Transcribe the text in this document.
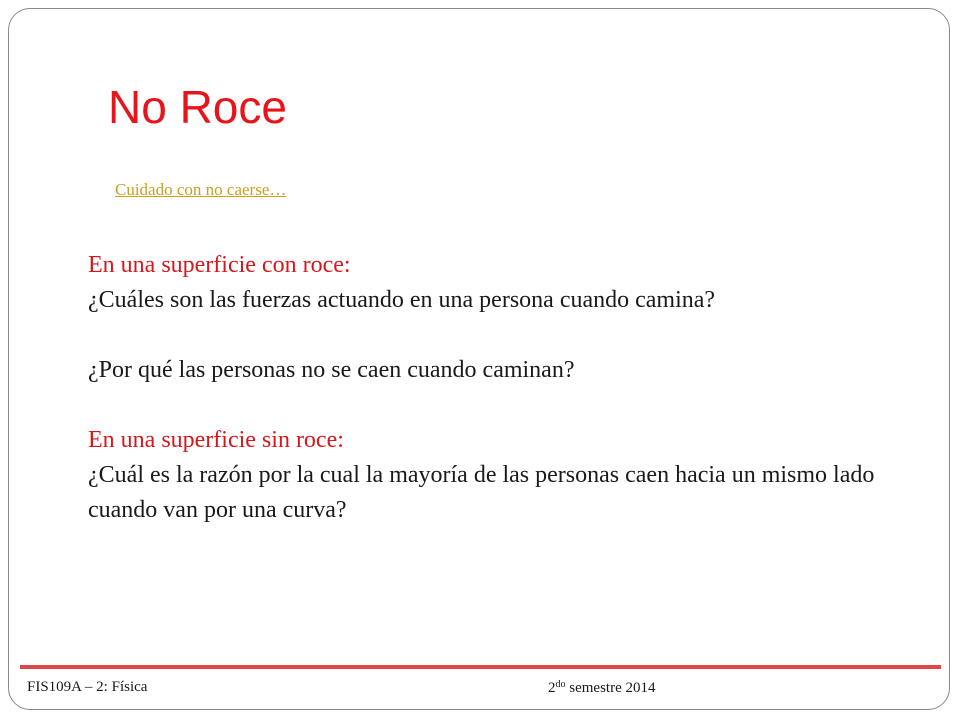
No Roce
Cuidado con no caerse…

En una superficie con roce:

¿Cuáles son las fuerzas actuando en una persona cuando camina?

¿Por qué las personas no se caen cuando caminan?

En una superficie sin roce:

¿Cuál es la razón por la cual la mayoría de las personas caen hacia un mismo lado cuando van por una curva?

FIS109A – 2: Física	$2^{do}$ semestre 2014
